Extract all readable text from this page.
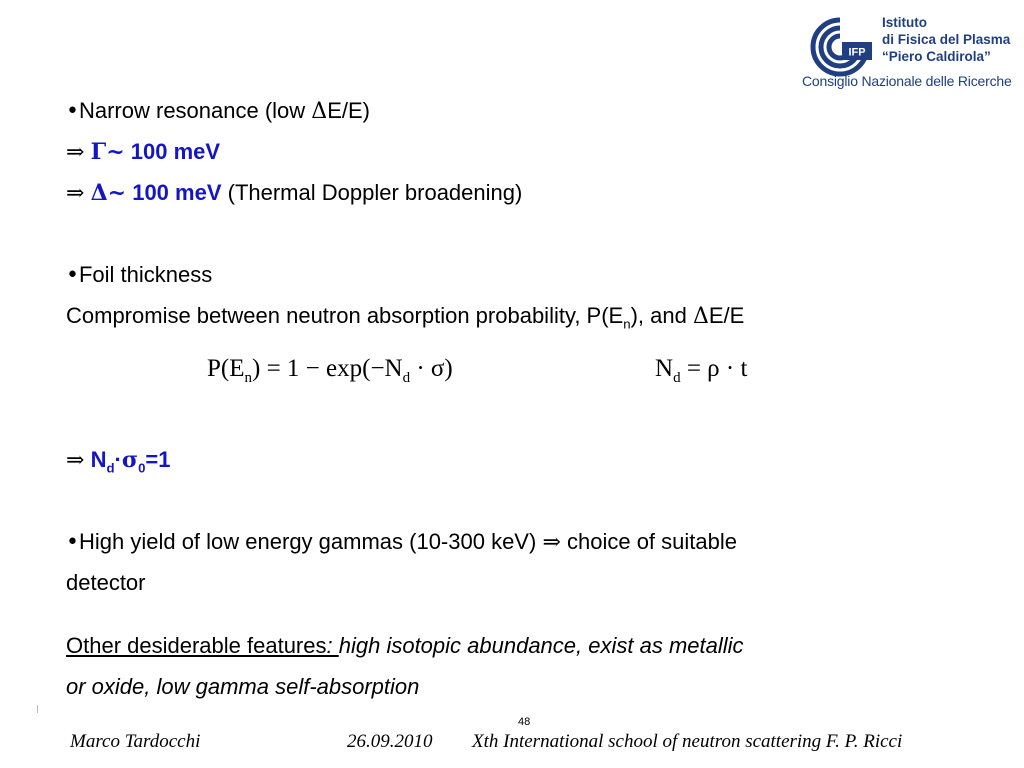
IFP
Istituto
di Fisica del Plasma
“Piero Caldirola”
Consiglio Nazionale delle Ricerche
•Narrow resonance (low ΔE/E)
⇒ Γ~ 100 meV
⇒ Δ~ 100 meV (Thermal Doppler broadening)
•Foil thickness
Compromise between neutron absorption probability, $P(E_n)$, and ΔE/E
$P(E_n) = 1 - \exp(-N_d \cdot \sigma)$	$N_d = \rho \cdot t$
⇒ $N_d\cdot\sigma_0=1$
•High yield of low energy gammas (10-300 keV) ⇒ choice of suitable
detector
Other desiderable features: high isotopic abundance, exist as metallic
or oxide, low gamma self-absorption
48
Marco Tardocchi	26.09.2010 Xth International school of neutron scattering F. P. Ricci
